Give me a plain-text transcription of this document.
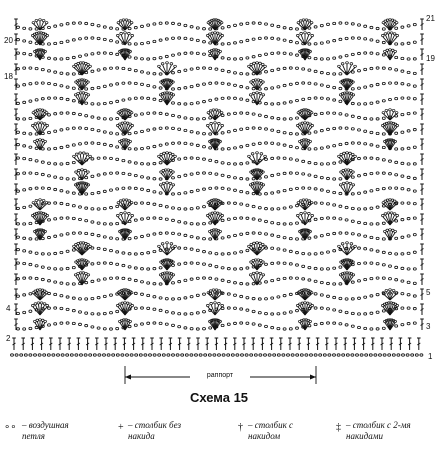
20
18
4
2
21
19
5
3
1
раппорт
Схема 15
∘∘ – воздушная
петля
+ – столбик без
накида
† – столбик с
накидом
‡ – столбик с 2-мя
накидами
